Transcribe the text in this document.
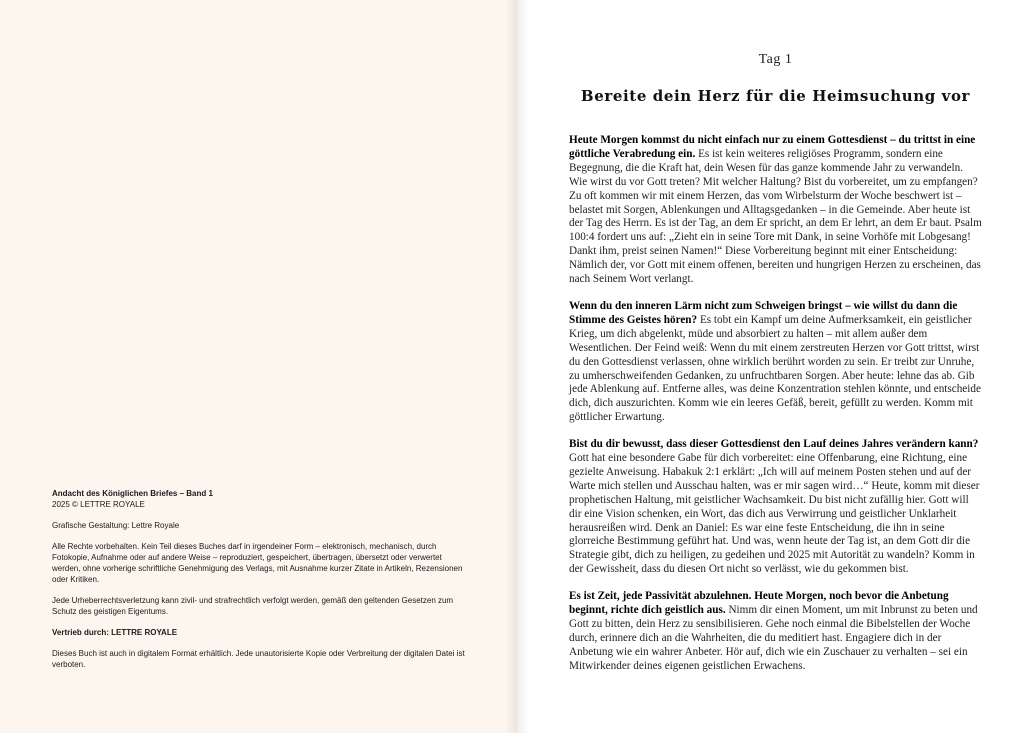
Andacht des Königlichen Briefes – Band 1

2025 © LETTRE ROYALE

Grafische Gestaltung: Lettre Royale

Alle Rechte vorbehalten. Kein Teil dieses Buches darf in irgendeiner Form – elektronisch, mechanisch, durch Fotokopie, Aufnahme oder auf andere Weise – reproduziert, gespeichert, übertragen, übersetzt oder verwertet werden, ohne vorherige schriftliche Genehmigung des Verlags, mit Ausnahme kurzer Zitate in Artikeln, Rezensionen oder Kritiken.

Jede Urheberrechtsverletzung kann zivil- und strafrechtlich verfolgt werden, gemäß den geltenden Gesetzen zum Schutz des geistigen Eigentums.

Vertrieb durch: LETTRE ROYALE

Dieses Buch ist auch in digitalem Format erhältlich. Jede unautorisierte Kopie oder Verbreitung der digitalen Datei ist verboten.

Tag 1
Bereite dein Herz für die Heimsuchung vor

Heute Morgen kommst du nicht einfach nur zu einem Gottesdienst – du trittst in eine göttliche Verabredung ein. Es ist kein weiteres religiöses Programm, sondern eine Begegnung, die die Kraft hat, dein Wesen für das ganze kommende Jahr zu verwandeln. Wie wirst du vor Gott treten? Mit welcher Haltung? Bist du vorbereitet, um zu empfangen? Zu oft kommen wir mit einem Herzen, das vom Wirbelsturm der Woche beschwert ist – belastet mit Sorgen, Ablenkungen und Alltagsgedanken – in die Gemeinde. Aber heute ist der Tag des Herrn. Es ist der Tag, an dem Er spricht, an dem Er lehrt, an dem Er baut. Psalm 100:4 fordert uns auf: „Zieht ein in seine Tore mit Dank, in seine Vorhöfe mit Lobgesang! Dankt ihm, preist seinen Namen!“ Diese Vorbereitung beginnt mit einer Entscheidung: Nämlich der, vor Gott mit einem offenen, bereiten und hungrigen Herzen zu erscheinen, das nach Seinem Wort verlangt.

Wenn du den inneren Lärm nicht zum Schweigen bringst – wie willst du dann die Stimme des Geistes hören? Es tobt ein Kampf um deine Aufmerksamkeit, ein geistlicher Krieg, um dich abgelenkt, müde und absorbiert zu halten – mit allem außer dem Wesentlichen. Der Feind weiß: Wenn du mit einem zerstreuten Herzen vor Gott trittst, wirst du den Gottesdienst verlassen, ohne wirklich berührt worden zu sein. Er treibt zur Unruhe, zu umherschweifenden Gedanken, zu unfruchtbaren Sorgen. Aber heute: lehne das ab. Gib jede Ablenkung auf. Entferne alles, was deine Konzentration stehlen könnte, und entscheide dich, dich auszurichten. Komm wie ein leeres Gefäß, bereit, gefüllt zu werden. Komm mit göttlicher Erwartung.

Bist du dir bewusst, dass dieser Gottesdienst den Lauf deines Jahres verändern kann? Gott hat eine besondere Gabe für dich vorbereitet: eine Offenbarung, eine Richtung, eine gezielte Anweisung. Habakuk 2:1 erklärt: „Ich will auf meinem Posten stehen und auf der Warte mich stellen und Ausschau halten, was er mir sagen wird…“ Heute, komm mit dieser prophetischen Haltung, mit geistlicher Wachsamkeit. Du bist nicht zufällig hier. Gott will dir eine Vision schenken, ein Wort, das dich aus Verwirrung und geistlicher Unklarheit herausreißen wird. Denk an Daniel: Es war eine feste Entscheidung, die ihn in seine glorreiche Bestimmung geführt hat. Und was, wenn heute der Tag ist, an dem Gott dir die Strategie gibt, dich zu heiligen, zu gedeihen und 2025 mit Autorität zu wandeln? Komm in der Gewissheit, dass du diesen Ort nicht so verlässt, wie du gekommen bist.

Es ist Zeit, jede Passivität abzulehnen. Heute Morgen, noch bevor die Anbetung beginnt, richte dich geistlich aus. Nimm dir einen Moment, um mit Inbrunst zu beten und Gott zu bitten, dein Herz zu sensibilisieren. Gehe noch einmal die Bibelstellen der Woche durch, erinnere dich an die Wahrheiten, die du meditiert hast. Engagiere dich in der Anbetung wie ein wahrer Anbeter. Hör auf, dich wie ein Zuschauer zu verhalten – sei ein Mitwirkender deines eigenen geistlichen Erwachens.
